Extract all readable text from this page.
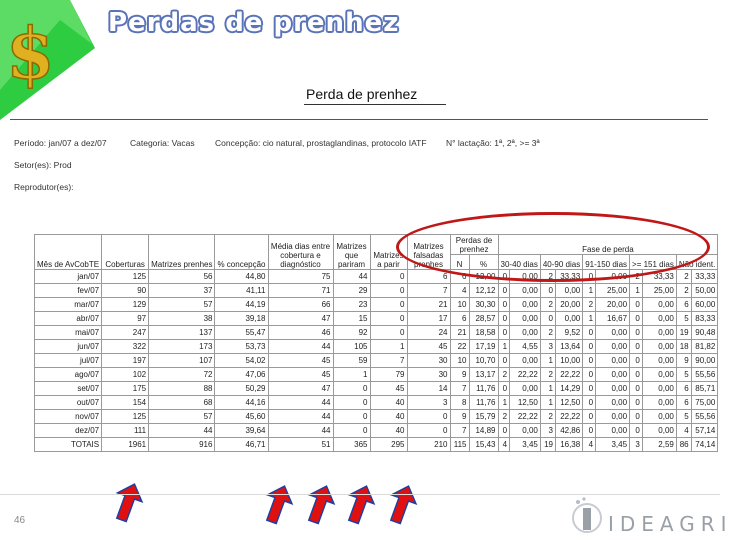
$ Perdas de prenhez
Perda de prenhez
Período: jan/07 a dez/07	Categoria: Vacas Concepção: cio natural, prostaglandinas, protocolo IATF N° lactação: 1ª, 2ª, >= 3ª
Setor(es): Prod
Reprodutor(es):
Mês de AvCobTE	Coberturas	Matrizes prenhes	% concepção	Média dias entre cobertura e diagnóstico	Matrizes que pariram	Matrizes a parir	Matrizes falsadas prenhes	Perdas de prenhez		Fase de perda									
								N	%	30-40 dias		40-90 dias		91-150 dias		>= 151 dias		Não ident.	
jan/07	125	56	44,80	75	44	0	6	6	12,00	0	0,00	2	33,33	0	0,00	2	33,33	2	33,33
fev/07	90	37	41,11	71	29	0	7	4	12,12	0	0,00	0	0,00	1	25,00	1	25,00	2	50,00
mar/07	129	57	44,19	66	23	0	21	10	30,30	0	0,00	2	20,00	2	20,00	0	0,00	6	60,00
abr/07	97	38	39,18	47	15	0	17	6	28,57	0	0,00	0	0,00	1	16,67	0	0,00	5	83,33
mai/07	247	137	55,47	46	92	0	24	21	18,58	0	0,00	2	9,52	0	0,00	0	0,00	19	90,48
jun/07	322	173	53,73	44	105	1	45	22	17,19	1	4,55	3	13,64	0	0,00	0	0,00	18	81,82
jul/07	197	107	54,02	45	59	7	30	10	10,70	0	0,00	1	10,00	0	0,00	0	0,00	9	90,00
ago/07	102	72	47,06	45	1	79	30	9	13,17	2	22,22	2	22,22	0	0,00	0	0,00	5	55,56
set/07	175	88	50,29	47	0	45	14	7	11,76	0	0,00	1	14,29	0	0,00	0	0,00	6	85,71
out/07	154	68	44,16	44	0	40	3	8	11,76	1	12,50	1	12,50	0	0,00	0	0,00	6	75,00
nov/07	125	57	45,60	44	0	40	0	9	15,79	2	22,22	2	22,22	0	0,00	0	0,00	5	55,56
dez/07	111	44	39,64	44	0	40	0	7	14,89	0	0,00	3	42,86	0	0,00	0	0,00	4	57,14
TOTAIS	1961	916	46,71	51	365	295	210	115	15,43	4	3,45	19	16,38	4	3,45	3	2,59	86	74,14
46	IDEAGRI
